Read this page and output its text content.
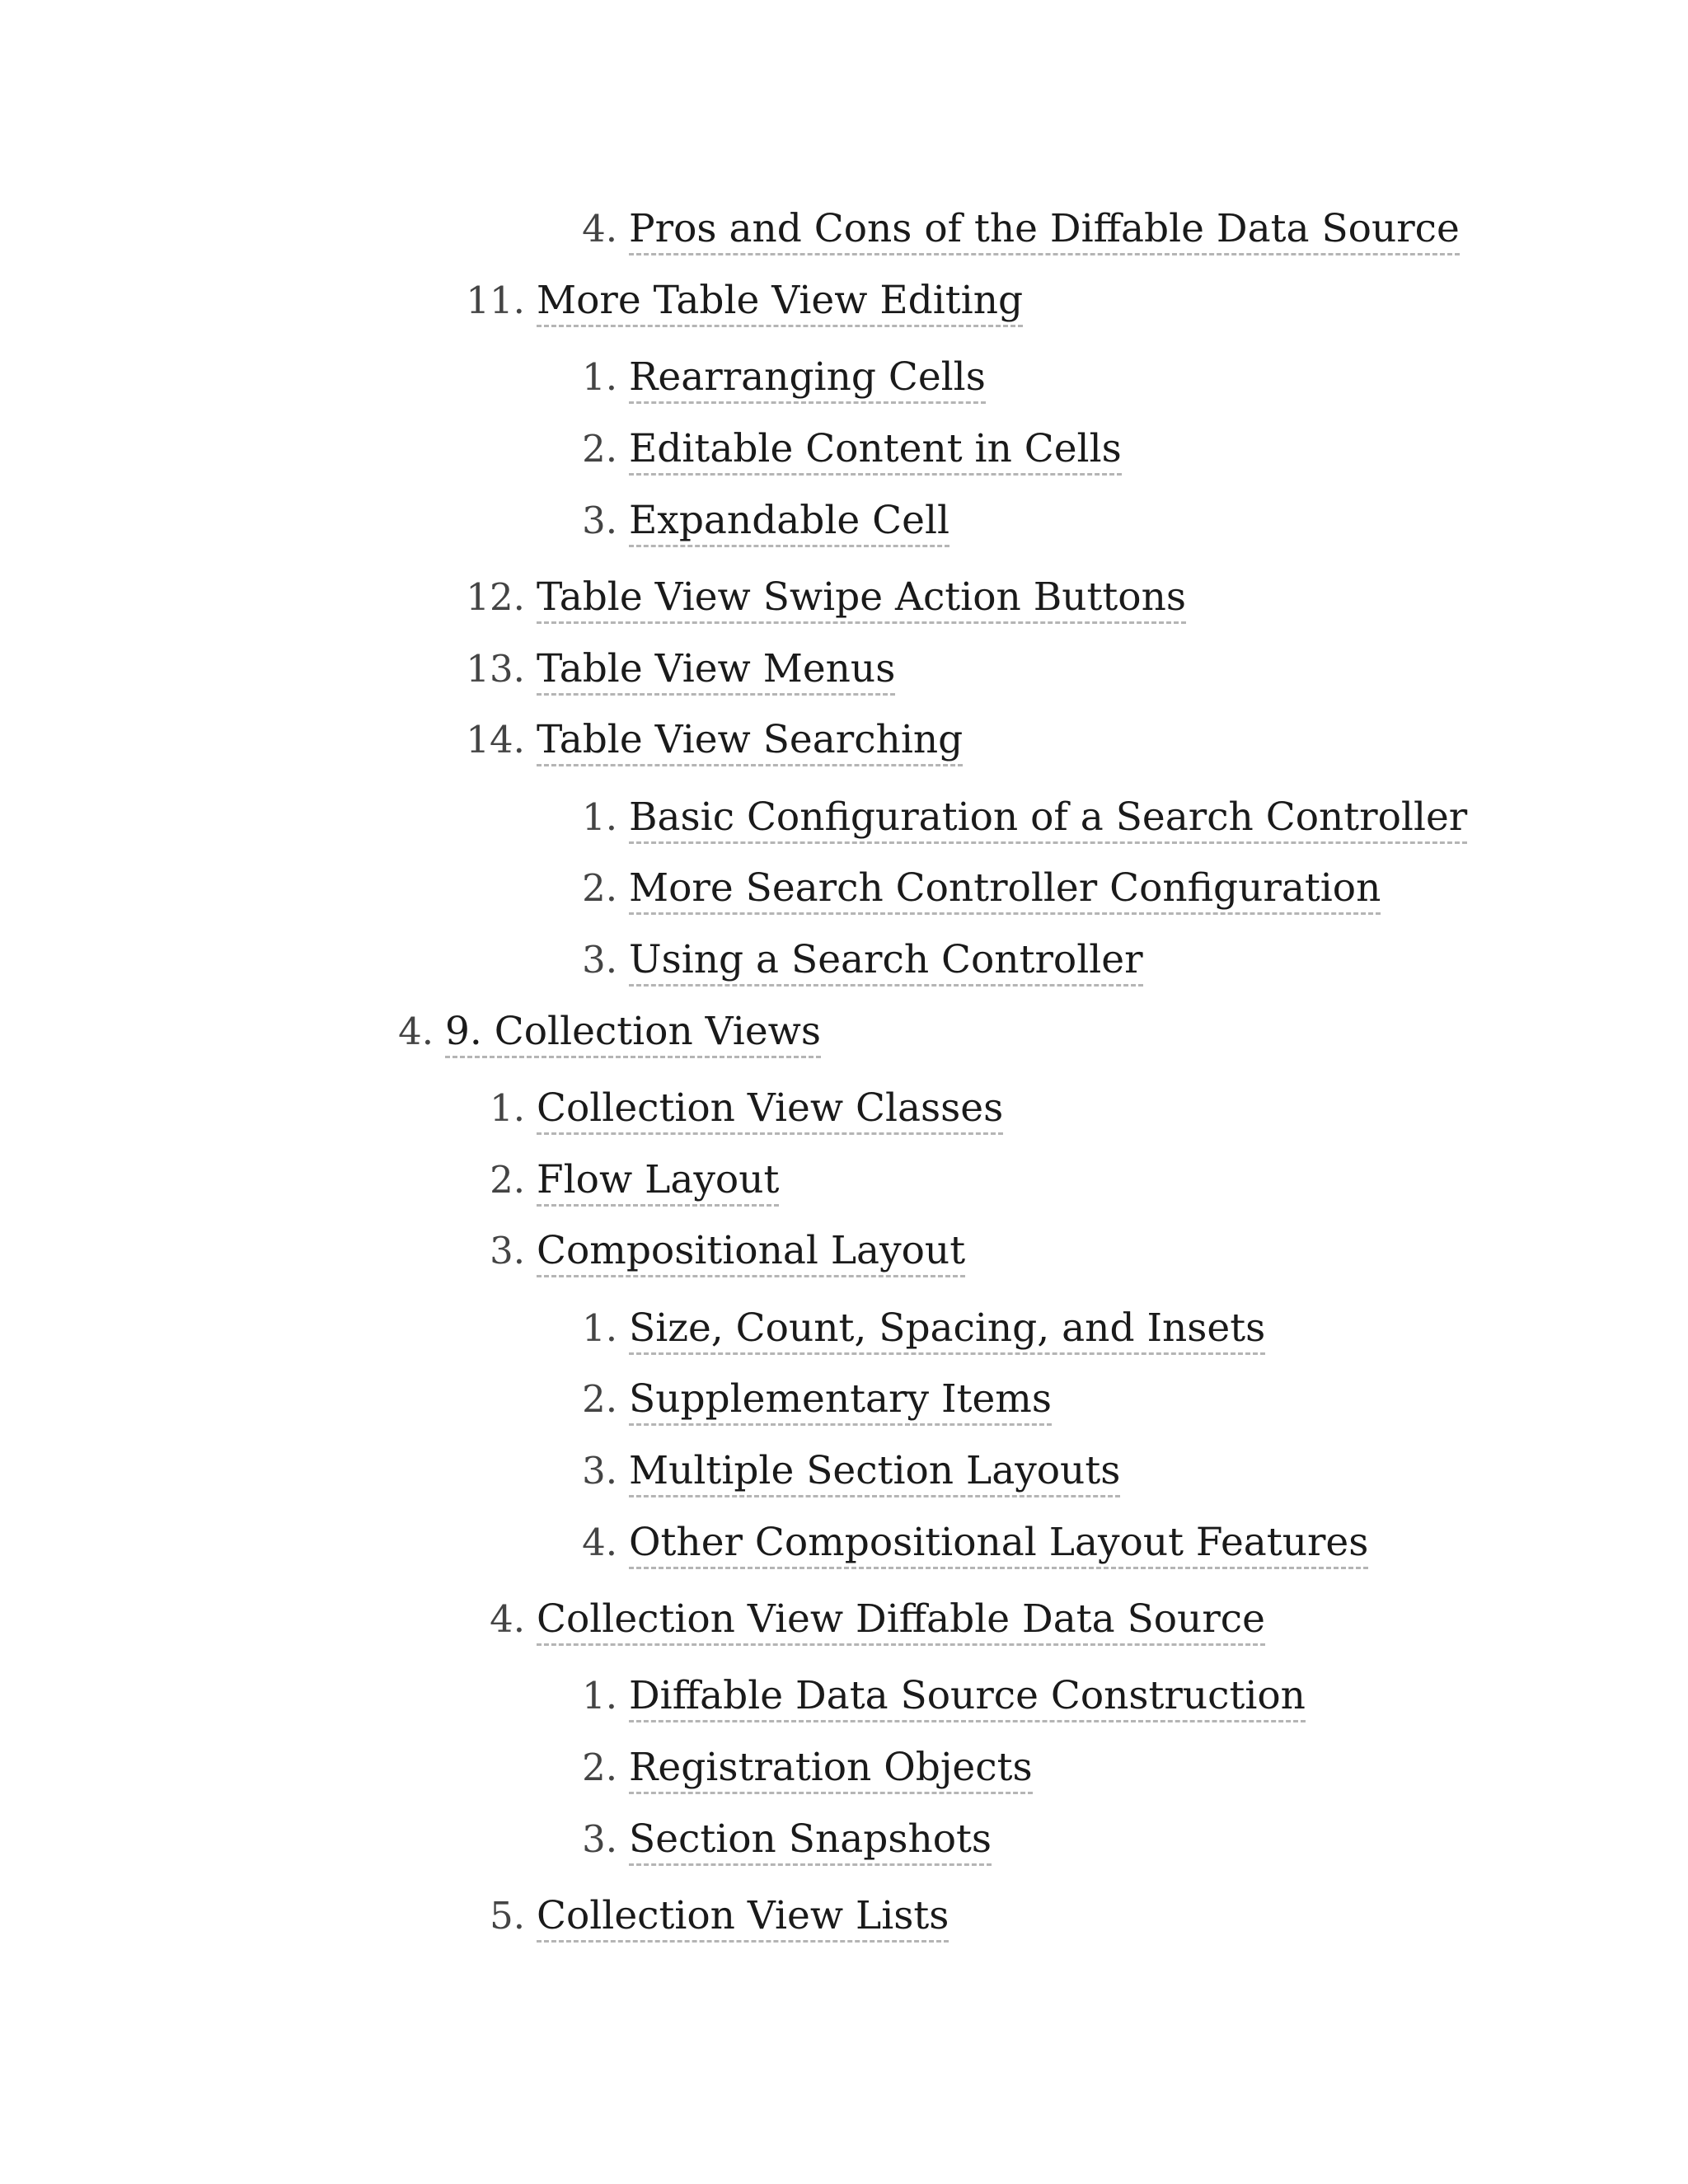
4. Pros and Cons of the Diffable Data Source
11. More Table View Editing
1. Rearranging Cells
2. Editable Content in Cells
3. Expandable Cell
12. Table View Swipe Action Buttons
13. Table View Menus
14. Table View Searching
1. Basic Configuration of a Search Controller
2. More Search Controller Configuration
3. Using a Search Controller
4. 9. Collection Views
1. Collection View Classes
2. Flow Layout
3. Compositional Layout
1. Size, Count, Spacing, and Insets
2. Supplementary Items
3. Multiple Section Layouts
4. Other Compositional Layout Features
4. Collection View Diffable Data Source
1. Diffable Data Source Construction
2. Registration Objects
3. Section Snapshots
5. Collection View Lists
